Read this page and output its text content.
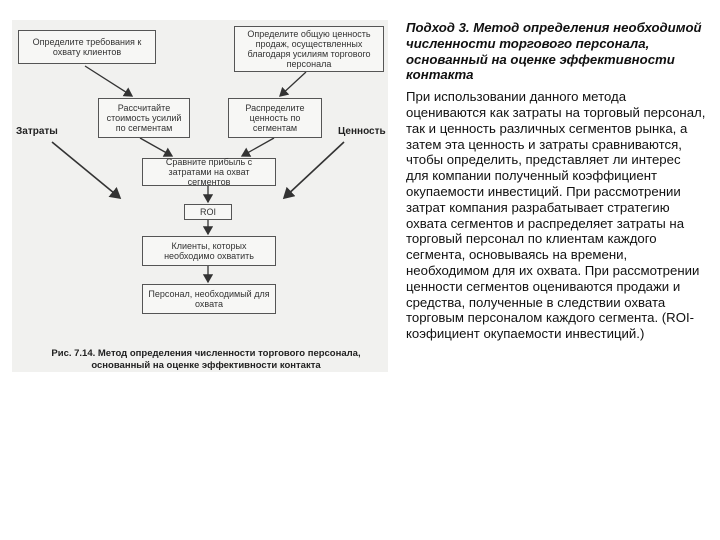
Определите требования к охвату клиентов
Определите общую ценность продаж, осуществленных благодаря усилиям торгового персонала
Рассчитайте стоимость усилий по сегментам
Распределите ценность по сегментам
Сравните прибыль с затратами на охват сегментов
ROI
Клиенты, которых необходимо охватить
Персонал, необходимый для охвата
Затраты	Ценность
Рис. 7.14. Метод определения численности торгового персонала,
основанный на оценке эффективности контакта

Подход 3. Метод определения необходимой численности торгового персонала, основанный на оценке эффективности контакта

При использовании данного метода оцениваются как затраты на торговый персонал, так и ценность различных сегментов рынка, а затем эта ценность и затраты сравниваются, чтобы определить, представляет ли интерес для компании полученный коэффициент окупаемости инвестиций. При рассмотрении затрат компания разрабатывает стратегию охвата сегментов и распределяет затраты на торговый персонал по клиентам каждого сегмента, основываясь на времени, необходимом для их охвата. При рассмотрении ценности сегментов оцениваются продажи и средства, полученные в следствии охвата торговым персоналом каждого сегмента. (ROI-коэфициент окупаемости инвестиций.)
